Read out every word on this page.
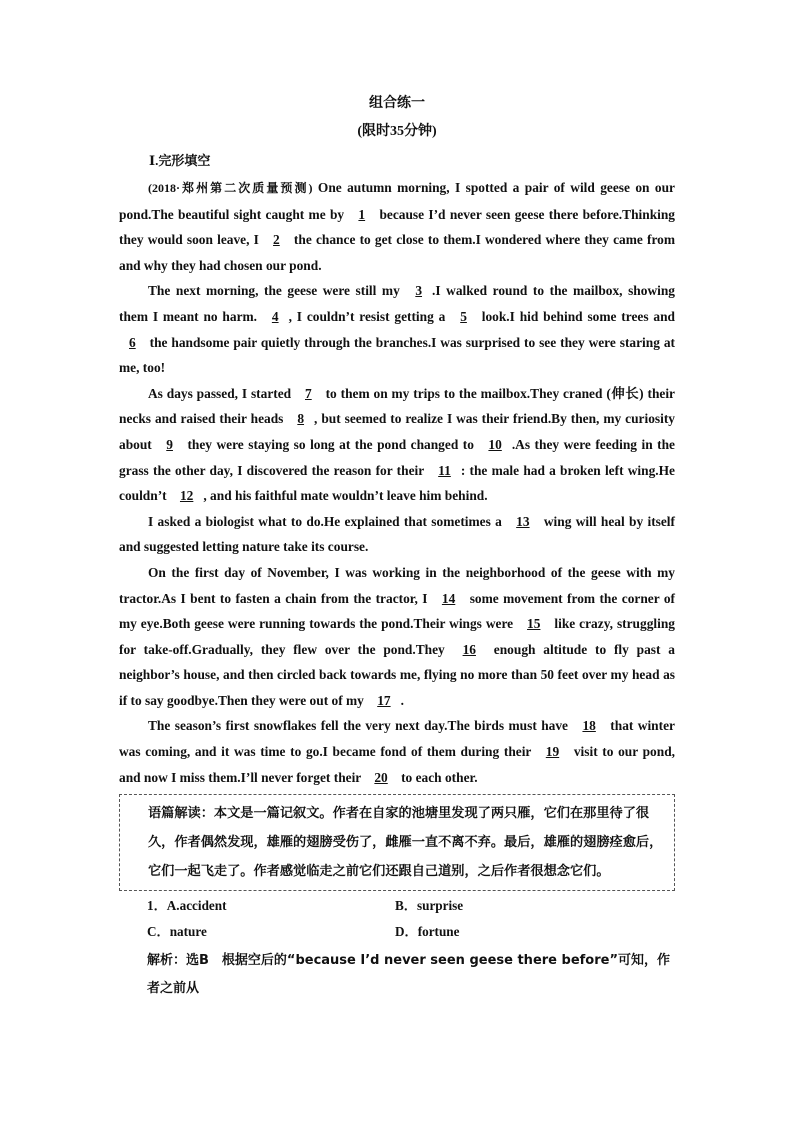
组合练一
(限时35分钟)
Ⅰ.完形填空

(2018·郑州第二次质量预测) One autumn morning, I spotted a pair of wild geese on our pond.The beautiful sight caught me by 1 because I’d never seen geese there before.Thinking they would soon leave, I 2 the chance to get close to them.I wondered where they came from and why they had chosen our pond.

The next morning, the geese were still my 3 .I walked round to the mailbox, showing them I meant no harm. 4 , I couldn’t resist getting a 5 look.I hid behind some trees and 6 the handsome pair quietly through the branches.I was surprised to see they were staring at me, too!

As days passed, I started 7 to them on my trips to the mailbox.They craned (伸长) their necks and raised their heads 8 , but seemed to realize I was their friend.By then, my curiosity about 9 they were staying so long at the pond changed to 10 .As they were feeding in the grass the other day, I discovered the reason for their 11 : the male had a broken left wing.He couldn’t 12 , and his faithful mate wouldn’t leave him behind.

I asked a biologist what to do.He explained that sometimes a 13 wing will heal by itself and suggested letting nature take its course.

On the first day of November, I was working in the neighborhood of the geese with my tractor.As I bent to fasten a chain from the tractor, I 14 some movement from the corner of my eye.Both geese were running towards the pond.Their wings were 15 like crazy, struggling for take-off.Gradually, they flew over the pond.They 16 enough altitude to fly past a neighbor’s house, and then circled back towards me, flying no more than 50 feet over my head as if to say goodbye.Then they were out of my 17 .

The season’s first snowflakes fell the very next day.The birds must have 18 that winter was coming, and it was time to go.I became fond of them during their 19 visit to our pond, and now I miss them.I’ll never forget their 20 to each other.

语篇解读：本文是一篇记叙文。作者在自家的池塘里发现了两只雁，它们在那里待了很久，作者偶然发现，雄雁的翅膀受伤了，雌雁一直不离不弃。最后，雄雁的翅膀痊愈后，它们一起飞走了。作者感觉临走之前它们还跟自己道别，之后作者很想念它们。
1．A.accident	B．surprise
C．nature	D．fortune
解析：选B　根据空后的“because I’d never seen geese there before”可知，作者之前从
